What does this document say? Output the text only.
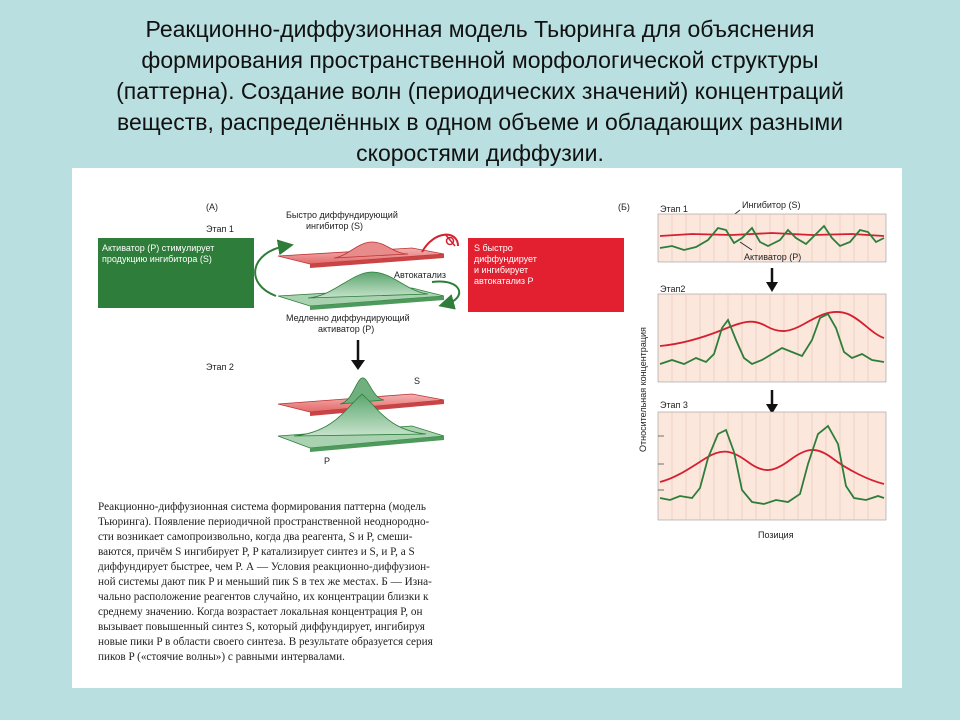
Реакционно-диффузионная модель Тьюринга для объяснения
формирования пространственной морфологической структуры
(паттерна). Создание волн (периодических значений) концентраций
веществ, распределённых в одном объеме и обладающих разными
скоростями диффузии.
(А)
Этап 1
Быстро диффундирующий
ингибитор (S)
Активатор (P) стимулирует
продукцию ингибитора (S)
S быстро
диффундирует
и ингибирует
автокатализ P
Автокатализ
Медленно диффундирующий
активатор (P)
Этап 2
S
P
(Б)	Этап 1	Ингибитор (S)
Активатор (P)
Этап2
Этап 3
Относительная концентрация
Позиция
Реакционно-диффузионная система формирования паттерна (модель
Тьюринга). Появление периодичной пространственной неоднородно-
сти возникает самопроизвольно, когда два реагента, S и P, смеши-
ваются, причём S ингибирует P, P катализирует синтез и S, и P, а S
диффундирует быстрее, чем P. А — Условия реакционно-диффузион-
ной системы дают пик P и меньший пик S в тех же местах. Б — Изна-
чально расположение реагентов случайно, их концентрации близки к
среднему значению. Когда возрастает локальная концентрация P, он
вызывает повышенный синтез S, который диффундирует, ингибируя
новые пики P в области своего синтеза. В результате образуется серия
пиков P («стоячие волны») с равными интервалами.
